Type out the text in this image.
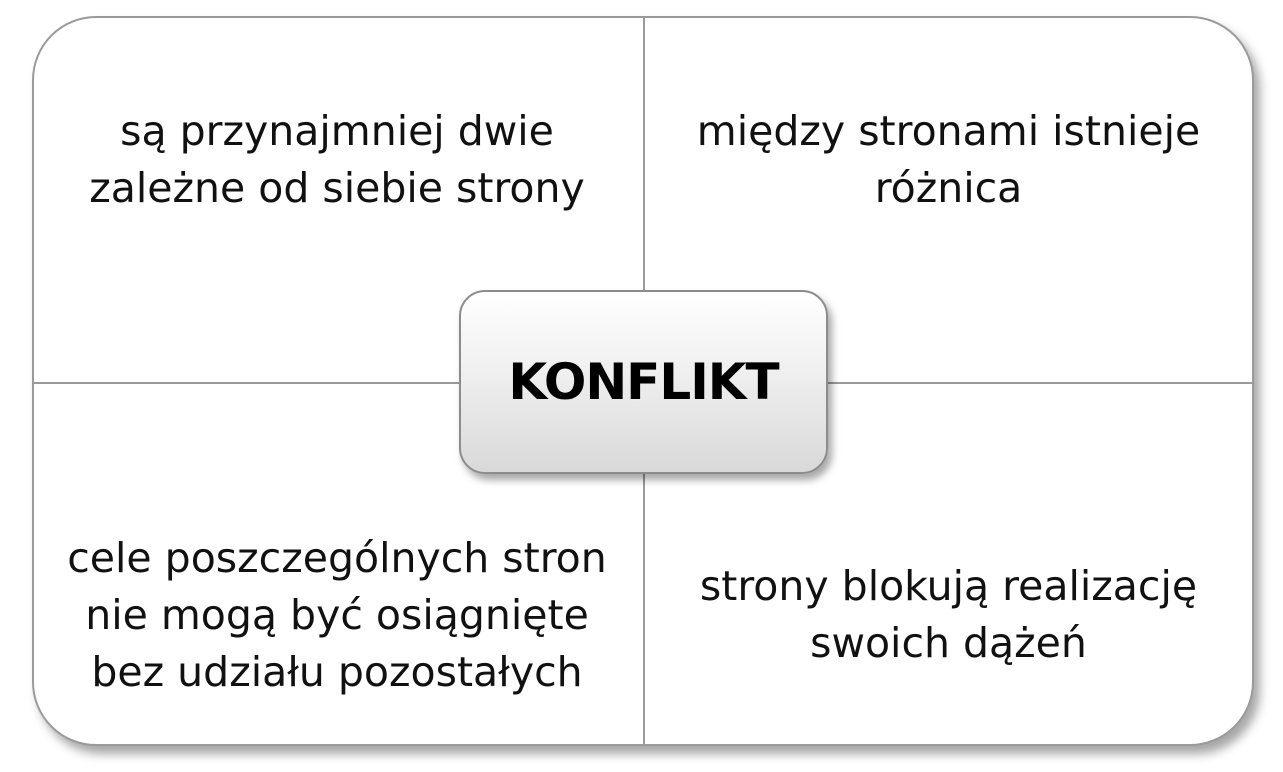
są przynajmniej dwie
zależne od siebie strony
między stronami istnieje
różnica
cele poszczególnych stron
nie mogą być osiągnięte
bez udziału pozostałych
strony blokują realizację
swoich dążeń
KONFLIKT
